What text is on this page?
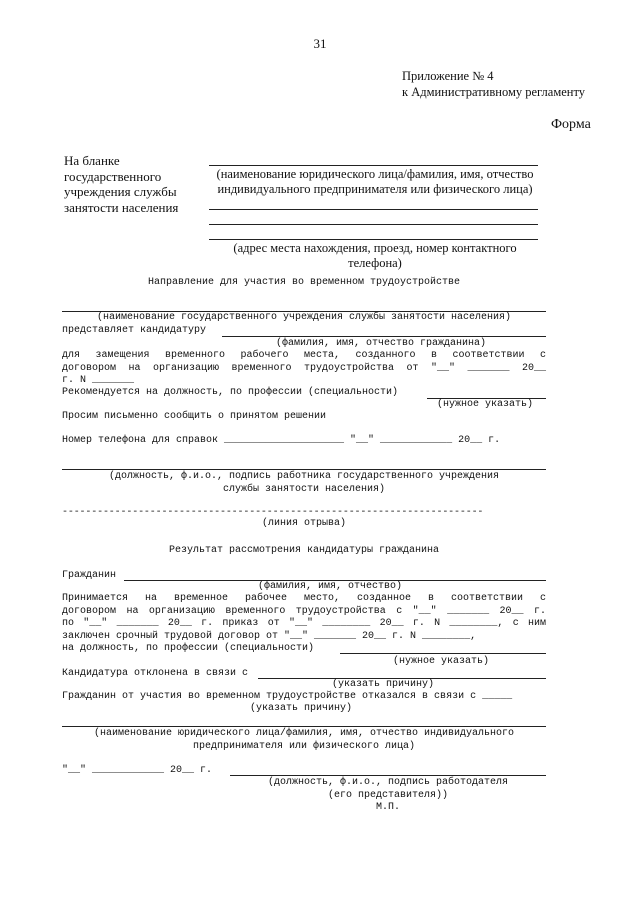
31
Приложение № 4
к Административному регламенту
Форма
На бланке
государственного
учреждения службы
занятости населения
(наименование юридического лица/фамилия, имя, отчество
индивидуального предпринимателя или физического лица)
(адрес места нахождения, проезд, номер контактного
телефона)
Направление для участия во временном трудоустройстве
(наименование государственного учреждения службы занятости населения)
представляет кандидатуру
(фамилия, имя, отчество гражданина)
для замещения временного рабочего места, созданного в соответствии с
договором на организацию временного трудоустройства от "__" _______ 20__
г. N _______
Рекомендуется на должность, по профессии (специальности)
(нужное указать)
Просим письменно сообщить о принятом решении
Номер телефона для справок ____________________ "__" ____________ 20__ г.
(должность, ф.и.о., подпись работника государственного учреждения
службы занятости населения)
------------------------------------------------------------------------
(линия отрыва)
Результат рассмотрения кандидатуры гражданина
Гражданин
(фамилия, имя, отчество)
Принимается на временное рабочее место, созданное в соответствии с
договором на организацию временного трудоустройства с "__" _______ 20__ г.
по "__" _______ 20__ г. приказ от "__" ________ 20__ г. N ________, с ним
заключен срочный трудовой договор от "__" _______ 20__ г. N ________,
на должность, по профессии (специальности)
(нужное указать)
Кандидатура отклонена в связи с
(указать причину)
Гражданин от участия во временном трудоустройстве отказался в связи с _____
(указать причину)
(наименование юридического лица/фамилия, имя, отчество индивидуального
предпринимателя или физического лица)
"__" ____________ 20__ г.
(должность, ф.и.о., подпись работодателя
(его представителя))
М.П.
